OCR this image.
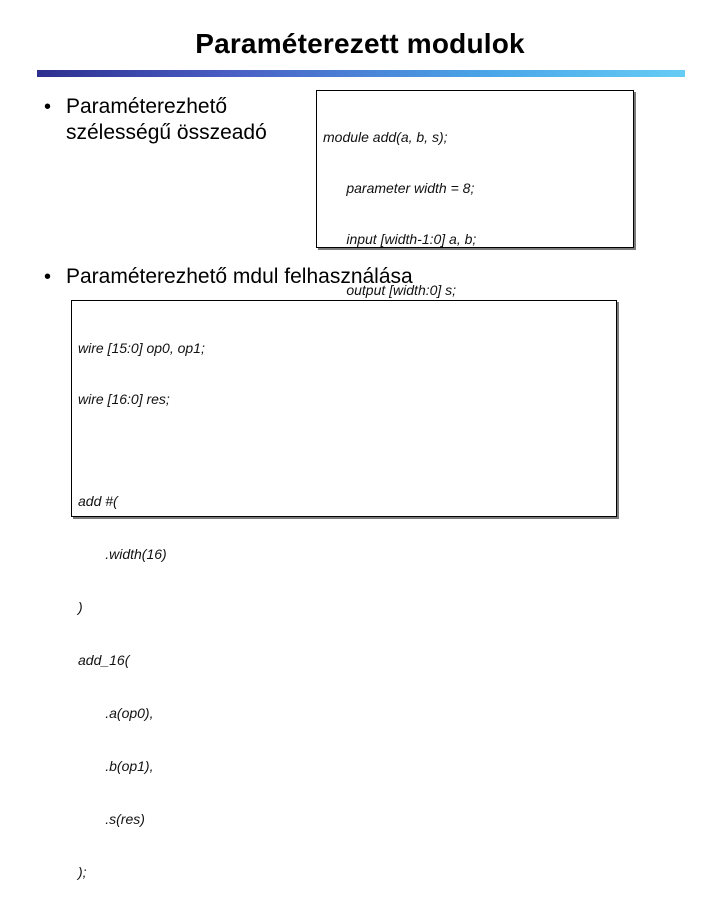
Paraméterezett modulok
• Paraméterezhető szélességű összeadó

	module add(a, b, s);

parameter width = 8;

input [width-1:0] a, b;

output [width:0] s;

• Paraméterezhető mdul felhasználása

wire [15:0] op0, op1;

wire [16:0] res;

add #(

.width(16)

)

add_16(

.a(op0),

.b(op1),

.s(res)

);
